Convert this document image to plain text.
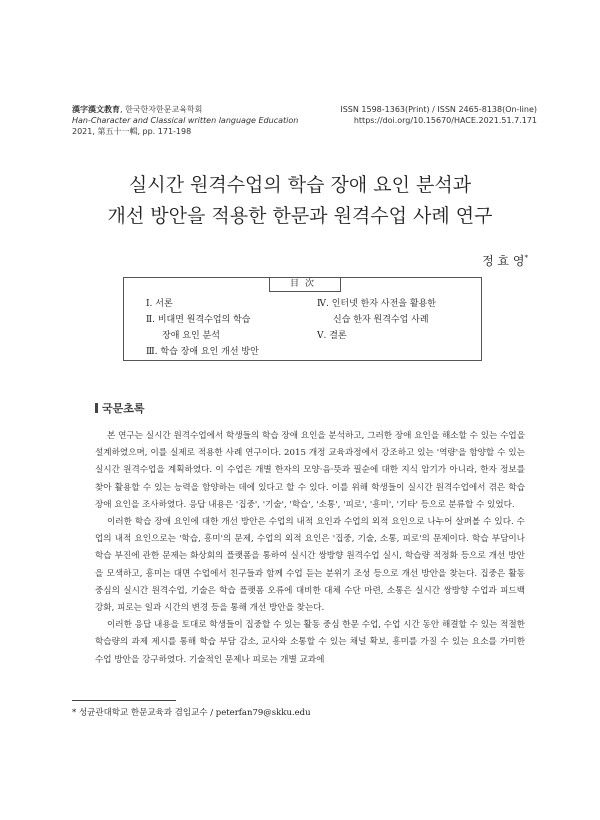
漢字漢文教育, 한국한자한문교육학회
Han-Character and Classical written language Education
2021, 第五十一輯, pp. 171-198
ISSN 1598-1363(Print) / ISSN 2465-8138(On-line)
https://doi.org/10.15670/HACE.2021.51.7.171
실시간 원격수업의 학습 장애 요인 분석과
개선 방안을 적용한 한문과 원격수업 사례 연구
정 효 영*
目次
Ⅰ. 서론
Ⅱ. 비대면 원격수업의 학습
장애 요인 분석
Ⅲ. 학습 장애 요인 개선 방안
Ⅳ. 인터넷 한자 사전을 활용한
신습 한자 원격수업 사례
Ⅴ. 결론
국문초록

본 연구는 실시간 원격수업에서 학생들의 학습 장애 요인을 분석하고, 그러한 장애 요인을 해소할 수 있는 수업을 설계하였으며, 이를 실제로 적용한 사례 연구이다. 2015 개정 교육과정에서 강조하고 있는 '역량'을 함양할 수 있는 실시간 원격수업을 계획하였다. 이 수업은 개별 한자의 모양·음·뜻과 필순에 대한 지식 암기가 아니라, 한자 정보를 찾아 활용할 수 있는 능력을 함양하는 데에 있다고 할 수 있다. 이를 위해 학생들이 실시간 원격수업에서 겪은 학습 장애 요인을 조사하였다. 응답 내용은 '집중', '기술', '학습', '소통', '피로', '흥미', '기타' 등으로 분류할 수 있었다.

이러한 학습 장애 요인에 대한 개선 방안은 수업의 내적 요인과 수업의 외적 요인으로 나누어 살펴볼 수 있다. 수업의 내적 요인으로는 '학습, 흥미'의 문제, 수업의 외적 요인은 '집중, 기술, 소통, 피로'의 문제이다. 학습 부담이나 학습 부진에 관한 문제는 화상회의 플랫폼을 통하여 실시간 쌍방향 원격수업 실시, 학습량 적정화 등으로 개선 방안을 모색하고, 흥미는 대면 수업에서 친구들과 함께 수업 듣는 분위기 조성 등으로 개선 방안을 찾는다. 집중은 활동 중심의 실시간 원격수업, 기술은 학습 플랫폼 오류에 대비한 대체 수단 마련, 소통은 실시간 쌍방향 수업과 피드백 강화, 피로는 일과 시간의 변경 등을 통해 개선 방안을 찾는다.

이러한 응답 내용을 토대로 학생들이 집중할 수 있는 활동 중심 한문 수업, 수업 시간 동안 해결할 수 있는 적절한 학습량의 과제 제시를 통해 학습 부담 감소, 교사와 소통할 수 있는 채널 확보, 흥미를 가질 수 있는 요소를 가미한 수업 방안을 강구하였다. 기술적인 문제나 피로는 개별 교과에

* 성균관대학교 한문교육과 겸임교수 / peterfan79@skku.edu
